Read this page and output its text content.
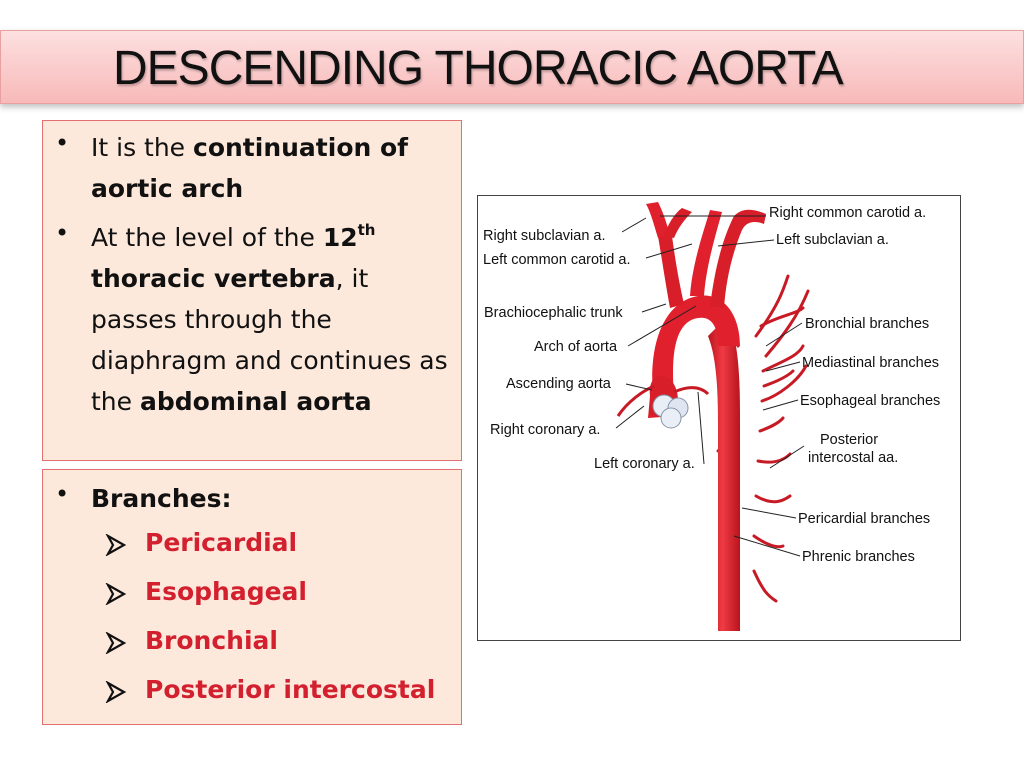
DESCENDING THORACIC AORTA
• It is the continuation of aortic arch
• At the level of the 12th thoracic vertebra, it passes through the diaphragm and continues as the abdominal aorta
• Branches:
Pericardial
Esophageal
Bronchial
Posterior intercostal
Right common carotid a.
Right subclavian a.	Left subclavian a.
Left common carotid a.
Brachiocephalic trunk
Bronchial branches
Arch of aorta
Mediastinal branches
Ascending aorta
Esophageal branches
Right coronary a.
Posterior
intercostal aa.
Left coronary a.
Pericardial branches
Phrenic branches
